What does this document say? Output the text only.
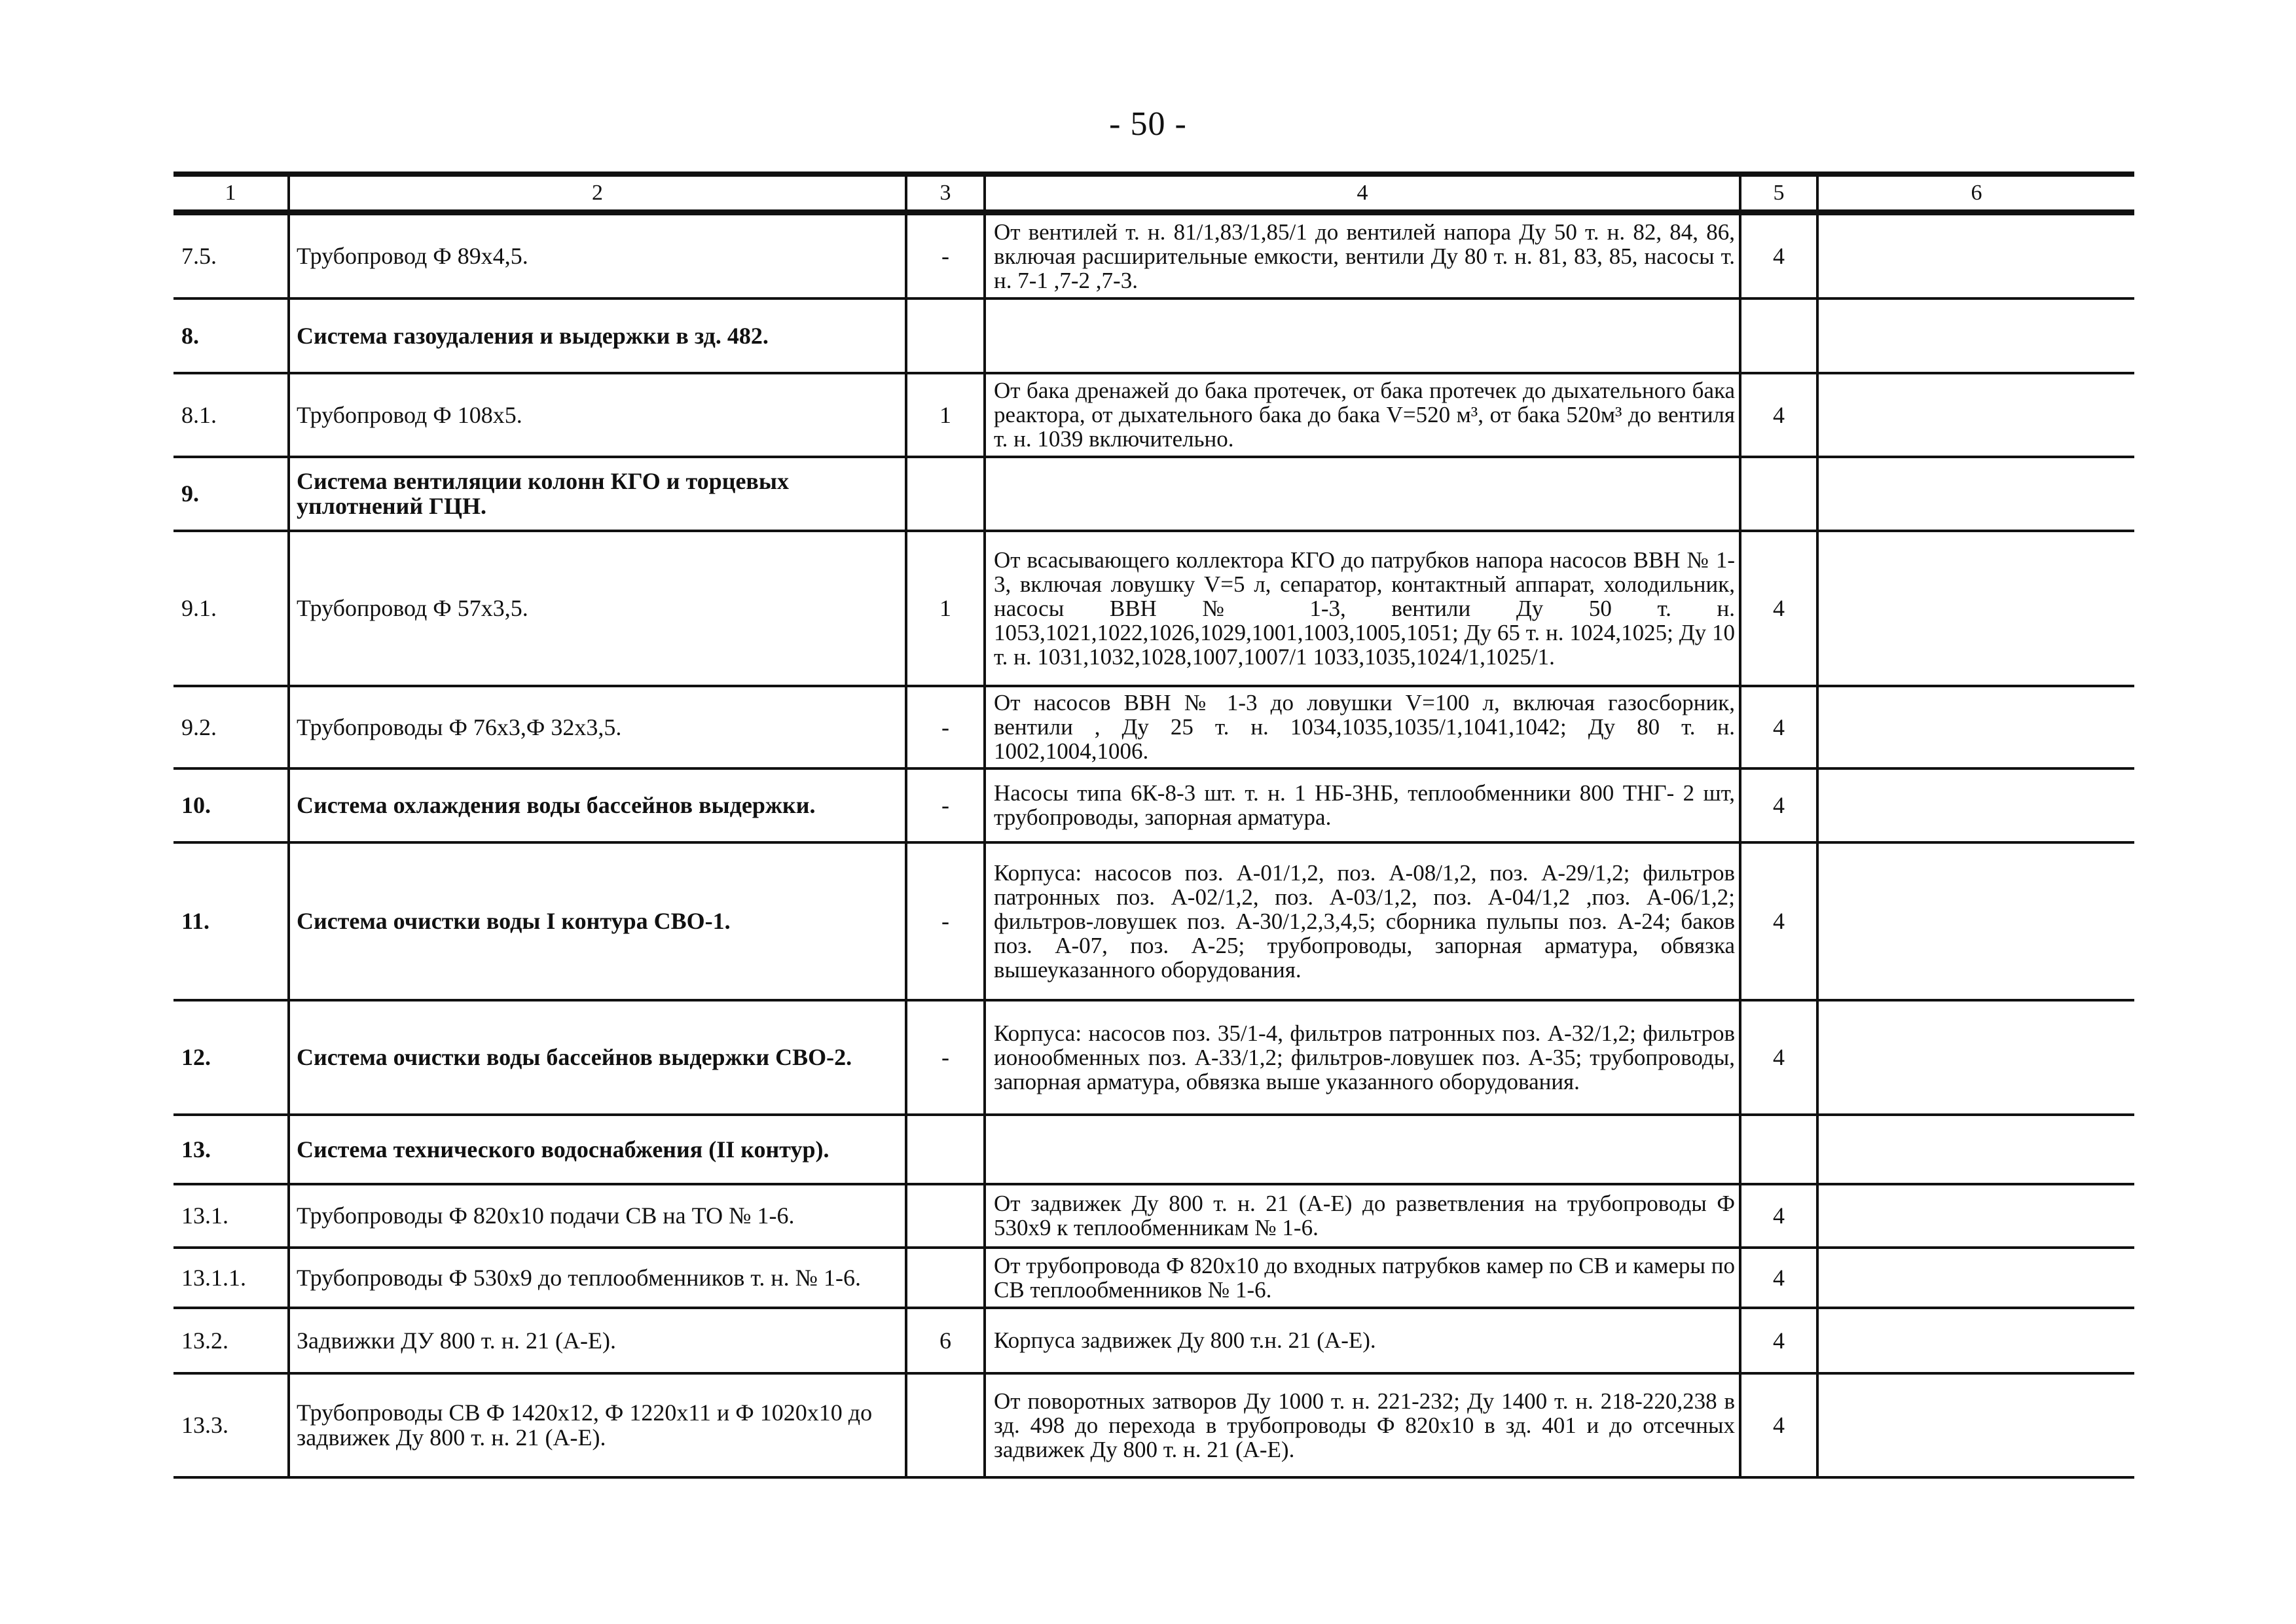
- 50 -
1	2	3	4	5	6
7.5.	Трубопровод Ф 89х4,5.	-	От вентилей т. н. 81/1,83/1,85/1 до вентилей напора Ду 50 т. н. 82, 84, 86, включая расширительные емкости, вентили Ду 80 т. н. 81, 83, 85, насосы т. н. 7-1 ,7-2 ,7-3.	4	
8.	Система газоудаления и выдержки в зд. 482.				
8.1.	Трубопровод Ф 108х5.	1	От бака дренажей до бака протечек, от бака протечек до дыхательного бака реактора, от дыхательного бака до бака V=520 м³, от бака 520м³ до вентиля т. н. 1039 включительно.	4	
9.	Система вентиляции колонн КГО и торцевых уплотнений ГЦН.				
9.1.	Трубопровод Ф 57х3,5.	1	От всасывающего коллектора КГО до патрубков напора насосов ВВН № 1-3, включая ловушку V=5 л, сепаратор, контактный аппарат, холодильник, насосы ВВН № 1-3, вентили Ду 50 т. н. 1053,1021,1022,1026,1029,1001,1003,1005,1051; Ду 65 т. н. 1024,1025; Ду 10 т. н. 1031,1032,1028,1007,1007/1 1033,1035,1024/1,1025/1.	4	
9.2.	Трубопроводы Ф 76х3,Ф 32х3,5.	-	От насосов ВВН № 1-3 до ловушки V=100 л, включая газосборник, вентили , Ду 25 т. н. 1034,1035,1035/1,1041,1042; Ду 80 т. н. 1002,1004,1006.	4	
10.	Система охлаждения воды бассейнов выдержки.	-	Насосы типа 6К-8-3 шт. т. н. 1 НБ-3НБ, теплообменники 800 ТНГ- 2 шт, трубопроводы, запорная арматура.	4	
11.	Система очистки воды I контура СВО-1.	-	Корпуса: насосов поз. А-01/1,2, поз. А-08/1,2, поз. А-29/1,2; фильтров патронных поз. А-02/1,2, поз. А-03/1,2, поз. А-04/1,2 ,поз. А-06/1,2; фильтров-ловушек поз. А-30/1,2,3,4,5; сборника пульпы поз. А-24; баков поз. А-07, поз. А-25; трубопроводы, запорная арматура, обвязка вышеуказанного оборудования.	4	
12.	Система очистки воды бассейнов выдержки СВО-2.	-	Корпуса: насосов поз. 35/1-4, фильтров патронных поз. А-32/1,2; фильтров ионообменных поз. А-33/1,2; фильтров-ловушек поз. А-35; трубопроводы, запорная арматура, обвязка выше указанного оборудования.	4	
13.	Система технического водоснабжения (II контур).				
13.1.	Трубопроводы Ф 820х10 подачи СВ на ТО № 1-6.		От задвижек Ду 800 т. н. 21 (А-Е) до разветвления на трубопроводы Ф 530х9 к теплообменникам № 1-6.	4	
13.1.1.	Трубопроводы Ф 530х9 до теплообменников т. н. № 1-6.		От трубопровода Ф 820х10 до входных патрубков камер по СВ и камеры по СВ теплообменников № 1-6.	4	
13.2.	Задвижки ДУ 800 т. н. 21 (А-Е).	6	Корпуса задвижек Ду 800 т.н. 21 (А-Е).	4	
13.3.	Трубопроводы СВ Ф 1420х12, Ф 1220х11 и Ф 1020х10 до задвижек Ду 800 т. н. 21 (А-Е).		От поворотных затворов Ду 1000 т. н. 221-232; Ду 1400 т. н. 218-220,238 в зд. 498 до перехода в трубопроводы Ф 820х10 в зд. 401 и до отсечных задвижек Ду 800 т. н. 21 (А-Е).	4	
